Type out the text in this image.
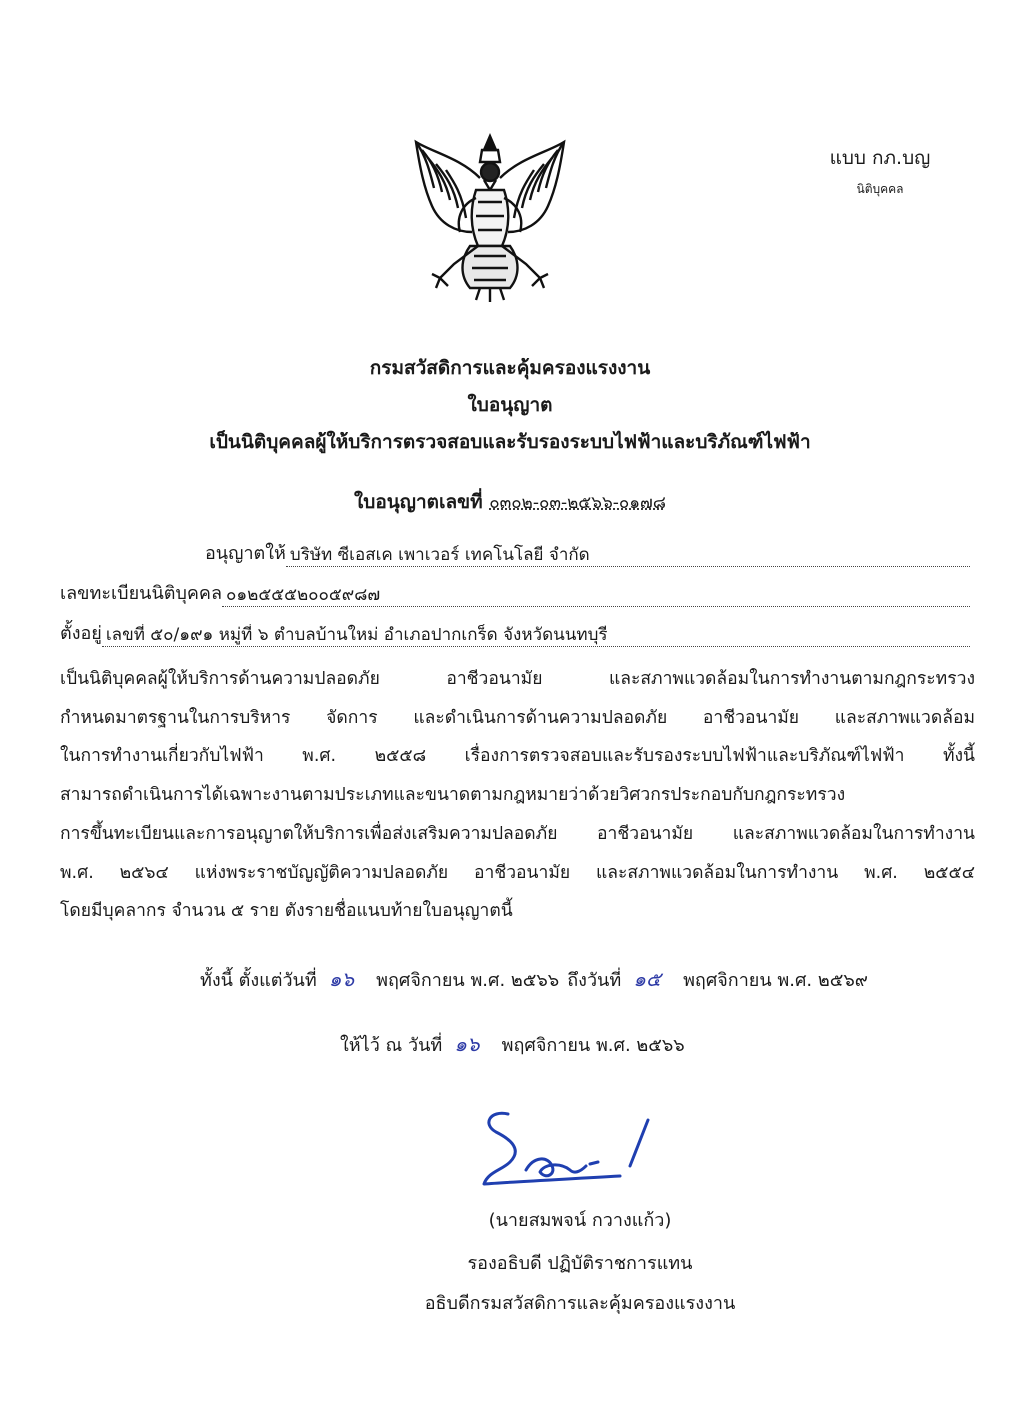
แบบ กภ.บญ
นิติบุคคล
กรมสวัสดิการและคุ้มครองแรงงาน
ใบอนุญาต
เป็นนิติบุคคลผู้ให้บริการตรวจสอบและรับรองระบบไฟฟ้าและบริภัณฑ์ไฟฟ้า
ใบอนุญาตเลขที่ ๐๓๐๒-๐๓-๒๕๖๖-๐๑๗๘
อนุญาตให้ บริษัท ซีเอสเค เพาเวอร์ เทคโนโลยี จำกัด
เลขทะเบียนนิติบุคคล ๐๑๒๕๕๕๒๐๐๕๙๘๗
ตั้งอยู่ เลขที่ ๕๐/๑๙๑ หมู่ที่ ๖ ตำบลบ้านใหม่ อำเภอปากเกร็ด จังหวัดนนทบุรี

เป็นนิติบุคคลผู้ให้บริการด้านความปลอดภัย อาชีวอนามัย และสภาพแวดล้อมในการทำงานตามกฎกระทรวง
กำหนดมาตรฐานในการบริหาร จัดการ และดำเนินการด้านความปลอดภัย อาชีวอนามัย และสภาพแวดล้อม
ในการทำงานเกี่ยวกับไฟฟ้า พ.ศ. ๒๕๕๘ เรื่องการตรวจสอบและรับรองระบบไฟฟ้าและบริภัณฑ์ไฟฟ้า ทั้งนี้
สามารถดำเนินการได้เฉพาะงานตามประเภทและขนาดตามกฎหมายว่าด้วยวิศวกรประกอบกับกฎกระทรวง
การขึ้นทะเบียนและการอนุญาตให้บริการเพื่อส่งเสริมความปลอดภัย อาชีวอนามัย และสภาพแวดล้อมในการทำงาน
พ.ศ. ๒๕๖๔ แห่งพระราชบัญญัติความปลอดภัย อาชีวอนามัย และสภาพแวดล้อมในการทำงาน พ.ศ. ๒๕๕๔
โดยมีบุคลากร จำนวน ๕ ราย ตังรายชื่อแนบท้ายใบอนุญาตนี้

ทั้งนี้ ตั้งแต่วันที่ ๑๖ พฤศจิกายน พ.ศ. ๒๕๖๖ ถึงวันที่ ๑๕ พฤศจิกายน พ.ศ. ๒๕๖๙
ให้ไว้ ณ วันที่ ๑๖ พฤศจิกายน พ.ศ. ๒๕๖๖
(นายสมพจน์ กวางแก้ว)
รองอธิบดี ปฏิบัติราชการแทน
อธิบดีกรมสวัสดิการและคุ้มครองแรงงาน
